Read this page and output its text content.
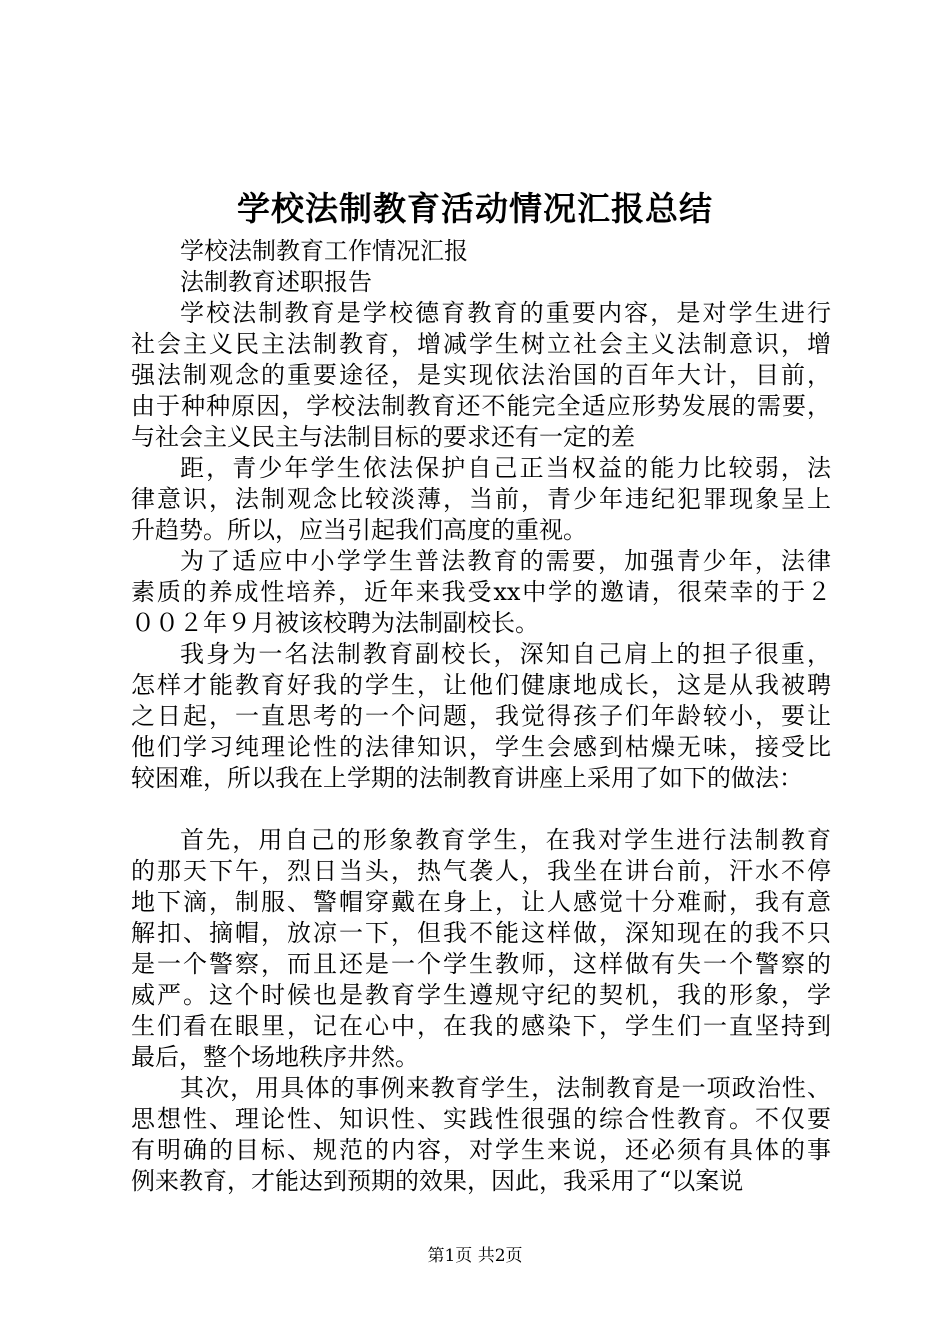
学校法制教育活动情况汇报总结
学校法制教育工作情况汇报
法制教育述职报告
学校法制教育是学校德育教育的重要内容，是对学生进行
社会主义民主法制教育，增减学生树立社会主义法制意识，增
强法制观念的重要途径，是实现依法治国的百年大计，目前，
由于种种原因，学校法制教育还不能完全适应形势发展的需要，
与社会主义民主与法制目标的要求还有一定的差
距，青少年学生依法保护自己正当权益的能力比较弱，法
律意识，法制观念比较淡薄，当前，青少年违纪犯罪现象呈上
升趋势。所以，应当引起我们高度的重视。
为了适应中小学学生普法教育的需要，加强青少年，法律
素质的养成性培养，近年来我受xx中学的邀请，很荣幸的于２
００２年９月被该校聘为法制副校长。
我身为一名法制教育副校长，深知自己肩上的担子很重，
怎样才能教育好我的学生，让他们健康地成长，这是从我被聘
之日起，一直思考的一个问题，我觉得孩子们年龄较小，要让
他们学习纯理论性的法律知识，学生会感到枯燥无味，接受比
较困难，所以我在上学期的法制教育讲座上采用了如下的做法：
首先，用自己的形象教育学生，在我对学生进行法制教育
的那天下午，烈日当头，热气袭人，我坐在讲台前，汗水不停
地下滴，制服、警帽穿戴在身上，让人感觉十分难耐，我有意
解扣、摘帽，放凉一下，但我不能这样做，深知现在的我不只
是一个警察，而且还是一个学生教师，这样做有失一个警察的
威严。这个时候也是教育学生遵规守纪的契机，我的形象，学
生们看在眼里，记在心中，在我的感染下，学生们一直坚持到
最后，整个场地秩序井然。
其次，用具体的事例来教育学生，法制教育是一项政治性、
思想性、理论性、知识性、实践性很强的综合性教育。不仅要
有明确的目标、规范的内容，对学生来说，还必须有具体的事
例来教育，才能达到预期的效果，因此，我采用了“以案说
第1页 共2页
